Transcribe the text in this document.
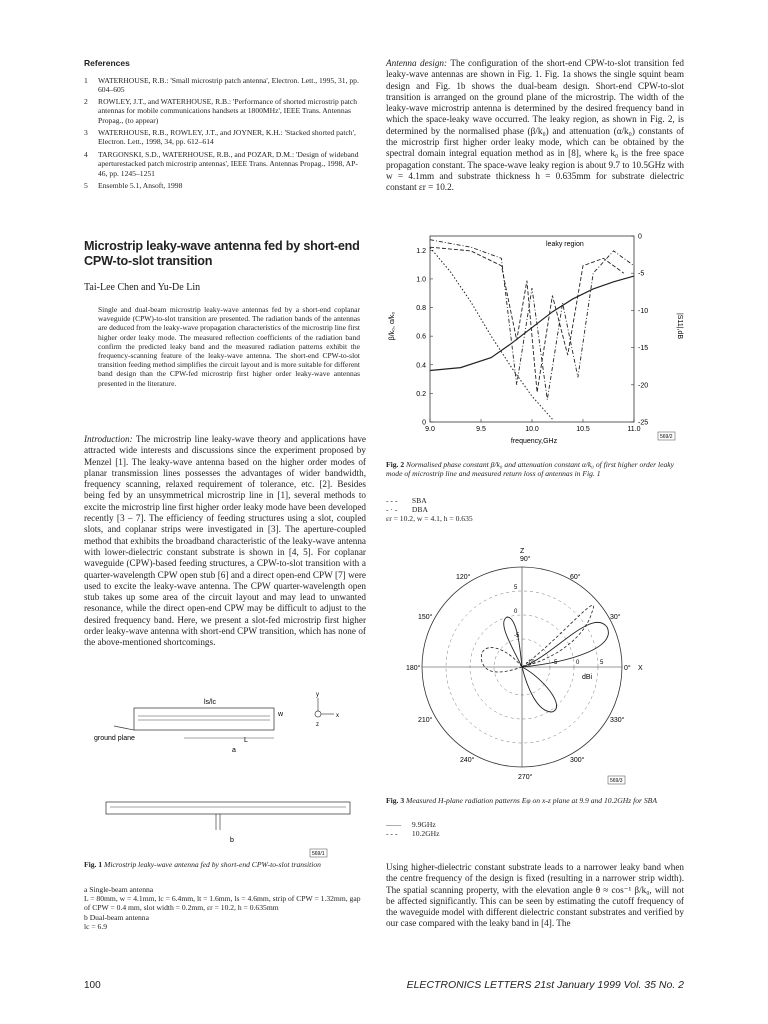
References
1 WATERHOUSE, R.B.: 'Small microstrip patch antenna', Electron. Lett., 1995, 31, pp. 604–605
2 ROWLEY, J.T., and WATERHOUSE, R.B.: 'Performance of shorted microstrip patch antennas for mobile communications handsets at 1800MHz', IEEE Trans. Antennas Propag., (to appear)
3 WATERHOUSE, R.B., ROWLEY, J.T., and JOYNER, K.H.: 'Stacked shorted patch', Electron. Lett., 1998, 34, pp. 612–614
4 TARGONSKI, S.D., WATERHOUSE, R.B., and POZAR, D.M.: 'Design of wideband aperturestacked patch microstrip antennas', IEEE Trans. Antennas Propag., 1998, AP-46, pp. 1245–1251
5 Ensemble 5.1, Ansoft, 1998
Microstrip leaky-wave antenna fed by short-end CPW-to-slot transition
Tai-Lee Chen and Yu-De Lin
Single and dual-beam microstrip leaky-wave antennas fed by a short-end coplanar waveguide (CPW)-to-slot transition are presented. The radiation bands of the antennas are deduced from the leaky-wave propagation characteristics of the microstrip line first higher order leaky mode. The measured reflection coefficients of the radiation band confirm the predicted leaky band and the measured radiation patterns exhibit the frequency-scanning feature of the leaky-wave antenna. The short-end CPW-to-slot transition feeding method simplifies the circuit layout and is more suitable for different band design than the CPW-fed microstrip first higher order leaky-wave antennas presented in the literature.
Introduction: The microstrip line leaky-wave theory and applications have attracted wide interests and discussions since the experiment proposed by Menzel [1]. The leaky-wave antenna based on the higher order modes of planar transmission lines possesses the advantages of wider bandwidth, frequency scanning, relaxed requirement of tolerance, etc. [2]. Besides being fed by an unsymmetrical microstrip line in [1], several methods to excite the microstrip line first higher order leaky mode have been developed recently [3 – 7]. The efficiency of feeding structures using a slot, coupled slots, and coplanar strips were investigated in [3]. The aperture-coupled method that exhibits the broadband characteristic of the leaky-wave antenna with lower-dielectric constant substrate is shown in [4, 5]. For coplanar waveguide (CPW)-based feeding structures, a CPW-to-slot transition with a quarter-wavelength CPW open stub [6] and a direct open-end CPW [7] were used to excite the leaky-wave antenna. The CPW quarter-wavelength open stub takes up some area of the circuit layout and may lead to unwanted resonance, while the direct open-end CPW may be difficult to adjust to the desired frequency band. Here, we present a slot-fed microstrip first higher order leaky-wave antenna with short-end CPW transition, which has none of the above-mentioned shortcomings.
ls/lc
w
L
ground plane
a
y
x
z
b
569/1
Fig. 1 Microstrip leaky-wave antenna fed by short-end CPW-to-slot transition
a Single-beam antenna
L = 80mm, w = 4.1mm, lc = 6.4mm, lt = 1.6mm, ls = 4.6mm, strip of CPW = 1.32mm, gap of CPW = 0.4 mm, slot width = 0.2mm, εr = 10.2, h = 0.635mm
b Dual-beam antenna
lc = 6.9
Antenna design: The configuration of the short-end CPW-to-slot transition fed leaky-wave antennas are shown in Fig. 1. Fig. 1a shows the single squint beam design and Fig. 1b shows the dual-beam design. Short-end CPW-to-slot transition is arranged on the ground plane of the microstrip. The width of the leaky-wave microstrip antenna is determined by the desired frequency band in which the space-leaky wave occurred. The leaky region, as shown in Fig. 2, is determined by the normalised phase (β/k₀) and attenuation (α/k₀) constants of the microstrip first higher order leaky mode, which can be obtained by the spectral domain integral equation method as in [8], where k₀ is the free space propagation constant. The space-wave leaky region is about 9.7 to 10.5GHz with w = 4.1mm and substrate thickness h = 0.635mm for substrate dielectric constant εr = 10.2.
9.0	9.5	10.0	10.5	11.0
0
0.2
0.4
0.6
0.8
1.0
1.2
0
-5
-10
-15
-20
-25
frequency,GHz
β/k₀, α/k₀	|S11|,dB
leaky region
569/2
Fig. 2 Normalised phase constant β/k₀ and attenuation constant α/k₀ of first higher order leaky mode of microstrip line and measured return loss of antennas in Fig. 1
- - - SBA
- · - DBA
εr = 10.2, w = 4.1, h = 0.635
90°
60°
30°
0°
330°
300°
270°
240°
210°
180°
150°
120°
Z
X
dBi
5
0
-5
-10	-5	0	5
569/3
Fig. 3 Measured H-plane radiation patterns Eφ on x-z plane at 9.9 and 10.2GHz for SBA
—— 9.9GHz
- - - 10.2GHz
Using higher-dielectric constant substrate leads to a narrower leaky band when the centre frequency of the design is fixed (resulting in a narrower strip width). The spatial scanning property, with the elevation angle θ ≈ cos⁻¹ β/k₀, will not be affected significantly. This can be seen by estimating the cutoff frequency of the waveguide model with different dielectric constant substrates and verified by our case compared with the leaky band in [4]. The
100	ELECTRONICS LETTERS 21st January 1999 Vol. 35 No. 2
